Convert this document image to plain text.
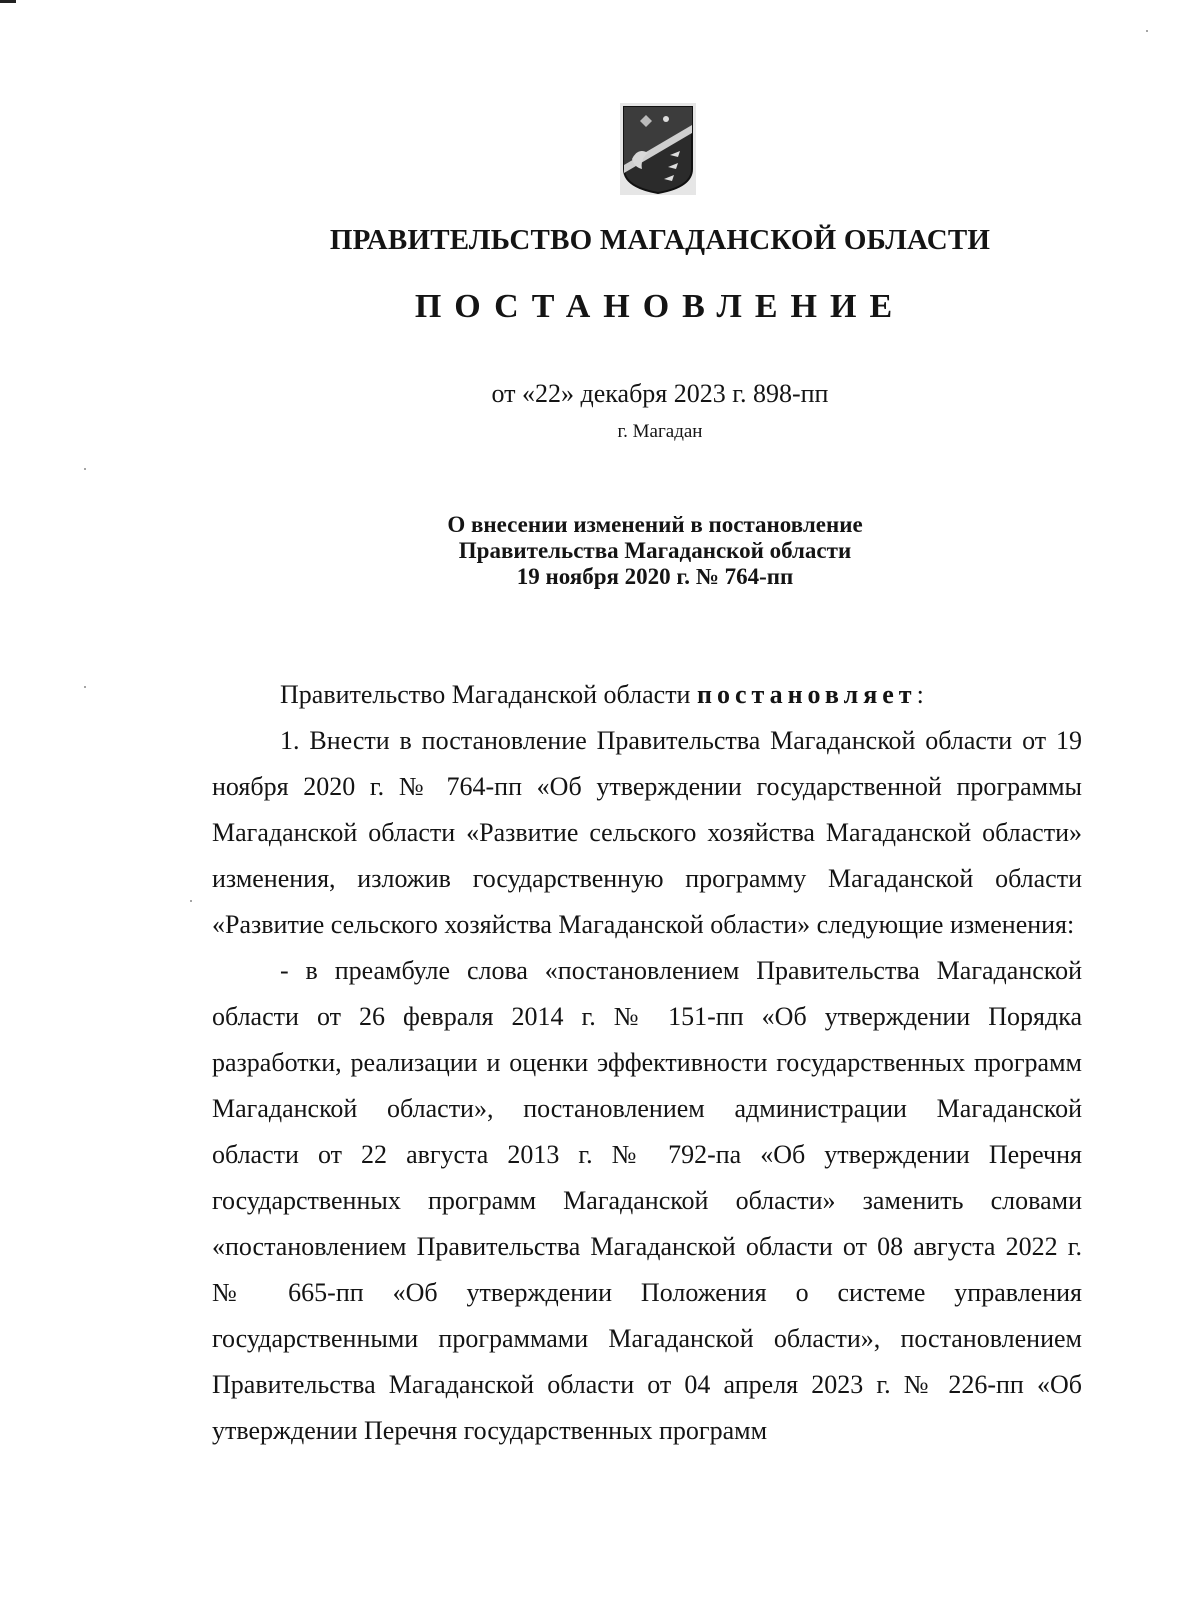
ПРАВИТЕЛЬСТВО МАГАДАНСКОЙ ОБЛАСТИ
ПОСТАНОВЛЕНИЕ
от «22» декабря 2023 г. 898-пп
г. Магадан
О внесении изменений в постановление
Правительства Магаданской области
19 ноября 2020 г. № 764-пп

Правительство Магаданской области постановляет:

1. Внести в постановление Правительства Магаданской области от 19 ноября 2020 г. № 764-пп «Об утверждении государственной программы Магаданской области «Развитие сельского хозяйства Магаданской области» изменения, изложив государственную программу Магаданской области «Развитие сельского хозяйства Магаданской области» следующие изменения:

- в преамбуле слова «постановлением Правительства Магаданской области от 26 февраля 2014 г. № 151-пп «Об утверждении Порядка разработки, реализации и оценки эффективности государственных программ Магаданской области», постановлением администрации Магаданской области от 22 августа 2013 г. № 792-па «Об утверждении Перечня государственных программ Магаданской области» заменить словами «постановлением Правительства Магаданской области от 08 августа 2022 г. № 665-пп «Об утверждении Положения о системе управления государственными программами Магаданской области», постановлением Правительства Магаданской области от 04 апреля 2023 г. № 226-пп «Об утверждении Перечня государственных программ
